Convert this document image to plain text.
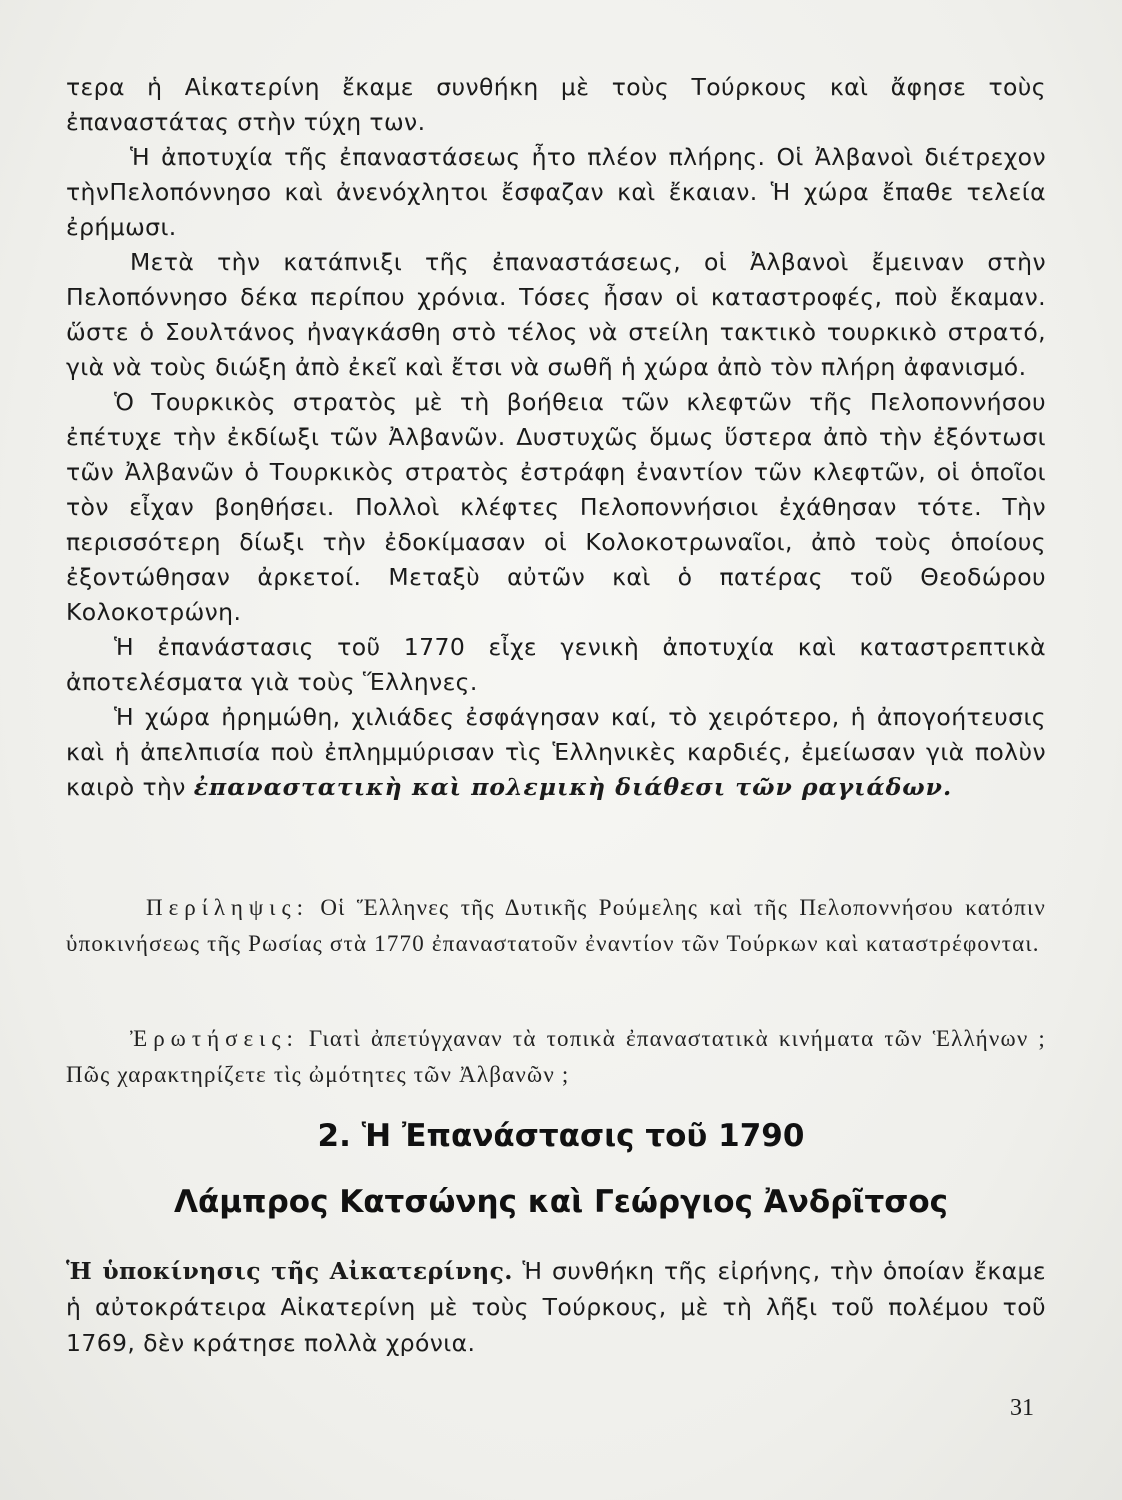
τερα ἡ Αἰκατερίνη ἔκαμε συνθήκη μὲ τοὺς Τούρκους καὶ ἄφησε τοὺς ἐπαναστάτας στὴν τύχη των.

Ἡ ἀποτυχία τῆς ἐπαναστάσεως ἦτο πλέον πλήρης. Οἱ Ἀλβανοὶ διέτρεχον τὴνΠελοπόννησο καὶ ἀνενόχλητοι ἔσφαζαν καὶ ἔκαιαν. Ἡ χώρα ἔπαθε τελεία ἐρήμωσι.

Μετὰ τὴν κατάπνιξι τῆς ἐπαναστάσεως, οἱ Ἀλβανοὶ ἔμειναν στὴν Πελοπόννησο δέκα περίπου χρόνια. Τόσες ἦσαν οἱ καταστροφές, ποὺ ἔκαμαν. ὥστε ὁ Σουλτάνος ἠναγκάσθη στὸ τέλος νὰ στείλη τακτικὸ τουρκικὸ στρατό, γιὰ νὰ τοὺς διώξη ἀπὸ ἐκεῖ καὶ ἔτσι νὰ σωθῆ ἡ χώρα ἀπὸ τὸν πλήρη ἀφανισμό.

Ὁ Τουρκικὸς στρατὸς μὲ τὴ βοήθεια τῶν κλεφτῶν τῆς Πελοποννήσου ἐπέτυχε τὴν ἐκδίωξι τῶν Ἀλβανῶν. Δυστυχῶς ὅμως ὕστερα ἀπὸ τὴν ἐξόντωσι τῶν Ἀλβανῶν ὁ Τουρκικὸς στρατὸς ἐστράφη ἐναντίον τῶν κλεφτῶν, οἱ ὁποῖοι τὸν εἶχαν βοηθήσει. Πολλοὶ κλέφτες Πελοποννήσιοι ἐχάθησαν τότε. Τὴν περισσότερη δίωξι τὴν ἐδοκίμασαν οἱ Κολοκοτρωναῖοι, ἀπὸ τοὺς ὁποίους ἐξοντώθησαν ἀρκετοί. Μεταξὺ αὐτῶν καὶ ὁ πατέρας τοῦ Θεοδώρου Κολοκοτρώνη.

Ἡ ἐπανάστασις τοῦ 1770 εἶχε γενικὴ ἀποτυχία καὶ καταστρεπτικὰ ἀποτελέσματα γιὰ τοὺς Ἕλληνες.

Ἡ χώρα ἠρημώθη, χιλιάδες ἐσφάγησαν καί, τὸ χειρότερο, ἡ ἀπογοήτευσις καὶ ἡ ἀπελπισία ποὺ ἐπλημμύρισαν τὶς Ἑλληνικὲς καρδιές, ἐμείωσαν γιὰ πολὺν καιρὸ τὴν ἐπαναστατικὴ καὶ πολεμικὴ διάθεσι τῶν ραγιάδων.

Περίληψις: Οἱ Ἕλληνες τῆς Δυτικῆς Ρούμελης καὶ τῆς Πελοποννήσου κατόπιν ὑποκινήσεως τῆς Ρωσίας στὰ 1770 ἐπαναστατοῦν ἐναντίον τῶν Τούρκων καὶ καταστρέφονται.
Ἐρωτήσεις: Γιατὶ ἀπετύγχαναν τὰ τοπικὰ ἐπαναστατικὰ κινήματα τῶν Ἑλλήνων ; Πῶς χαρακτηρίζετε τὶς ὠμότητες τῶν Ἀλβανῶν ;
2. Ἡ Ἐπανάστασις τοῦ 1790
Λάμπρος Κατσώνης καὶ Γεώργιος Ἀνδρῖτσος
Ἡ ὑποκίνησις τῆς Αἰκατερίνης. Ἡ συνθήκη τῆς εἰρήνης, τὴν ὁποίαν ἔκαμε ἡ αὐτοκράτειρα Αἰκατερίνη μὲ τοὺς Τούρκους, μὲ τὴ λῆξι τοῦ πολέμου τοῦ 1769, δὲν κράτησε πολλὰ χρόνια.
31
